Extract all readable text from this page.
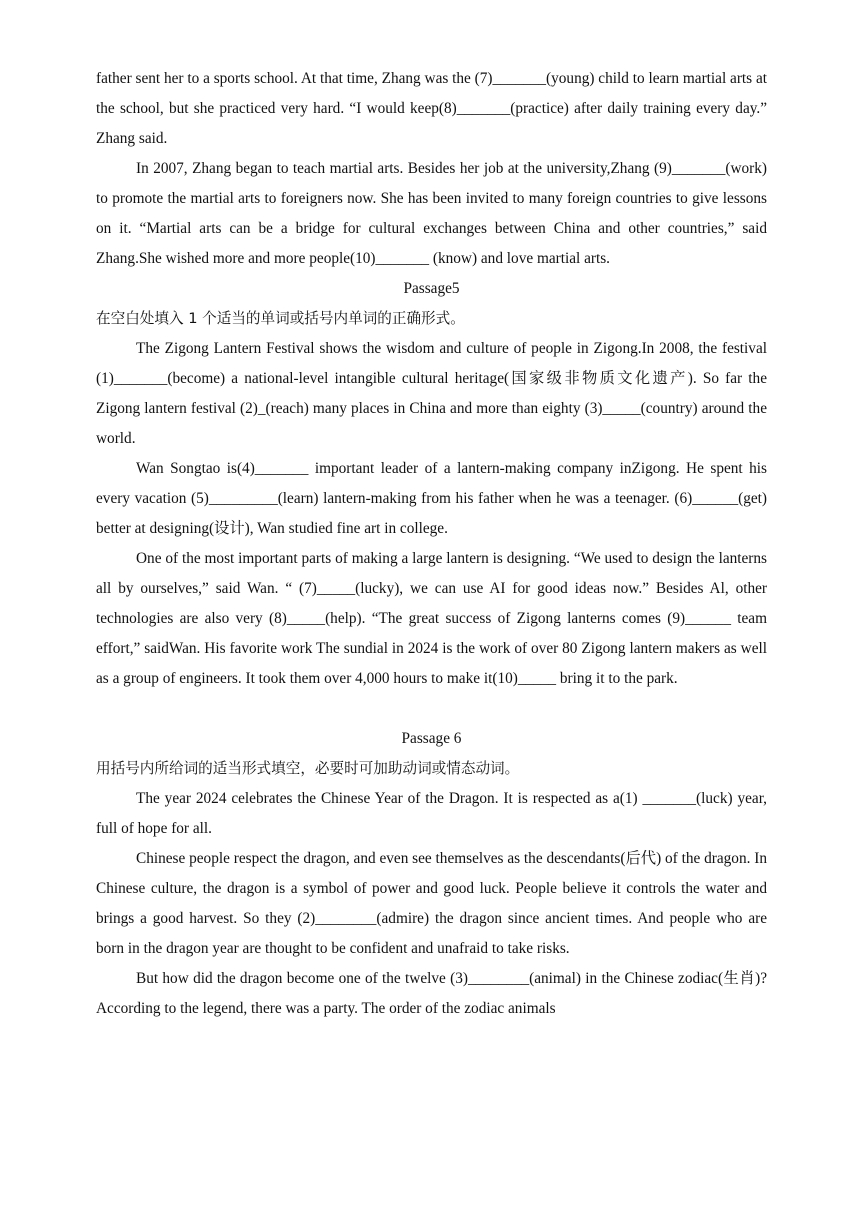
father sent her to a sports school. At that time, Zhang was the (7)_______(young) child to learn martial arts at the school, but she practiced very hard. “I would keep(8)_______(practice) after daily training every day.” Zhang said.

In 2007, Zhang began to teach martial arts. Besides her job at the university,Zhang (9)_______(work) to promote the martial arts to foreigners now. She has been invited to many foreign countries to give lessons on it. “Martial arts can be a bridge for cultural exchanges between China and other countries,” said Zhang.She wished more and more people(10)_______ (know) and love martial arts.

Passage5

在空白处填入 1 个适当的单词或括号内单词的正确形式。

The Zigong Lantern Festival shows the wisdom and culture of people in Zigong.In 2008, the festival (1)_______(become) a national-level intangible cultural heritage(国家级非物质文化遗产). So far the Zigong lantern festival (2)_(reach) many places in China and more than eighty (3)_____(country) around the world.

Wan Songtao is(4)_______ important leader of a lantern-making company inZigong. He spent his every vacation (5)_________(learn) lantern-making from his father when he was a teenager. (6)______(get) better at designing(设计), Wan studied fine art in college.

One of the most important parts of making a large lantern is designing. “We used to design the lanterns all by ourselves,” said Wan. “ (7)_____(lucky), we can use AI for good ideas now.” Besides Al, other technologies are also very (8)_____(help). “The great success of Zigong lanterns comes (9)______ team effort,” saidWan. His favorite work The sundial in 2024 is the work of over 80 Zigong lantern makers as well as a group of engineers. It took them over 4,000 hours to make it(10)_____ bring it to the park.

Passage 6

用括号内所给词的适当形式填空，必要时可加助动词或情态动词。

The year 2024 celebrates the Chinese Year of the Dragon. It is respected as a(1) _______(luck) year, full of hope for all.

Chinese people respect the dragon, and even see themselves as the descendants(后代) of the dragon. In Chinese culture, the dragon is a symbol of power and good luck. People believe it controls the water and brings a good harvest. So they (2)________(admire) the dragon since ancient times. And people who are born in the dragon year are thought to be confident and unafraid to take risks.

But how did the dragon become one of the twelve (3)________(animal) in the Chinese zodiac(生肖)? According to the legend, there was a party. The order of the zodiac animals
